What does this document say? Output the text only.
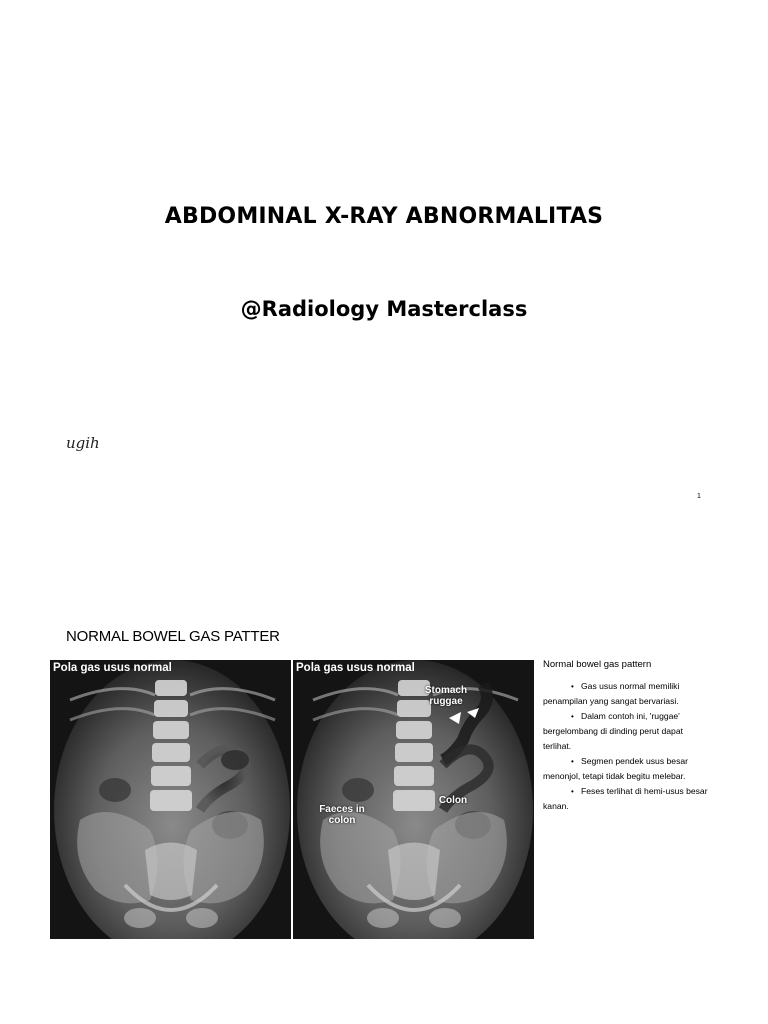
ABDOMINAL X-RAY ABNORMALITAS
@Radiology Masterclass
ugih
1
NORMAL BOWEL GAS PATTER
Pola gas usus normal	Pola gas usus normal
Stomach ruggae
Faeces in colon
Colon
Normal bowel gas pattern
• Gas usus normal memiliki penampilan yang sangat bervariasi.
• Dalam contoh ini, 'ruggae' bergelombang di dinding perut dapat terlihat.
• Segmen pendek usus besar menonjol, tetapi tidak begitu melebar.
• Feses terlihat di hemi-usus besar kanan.
